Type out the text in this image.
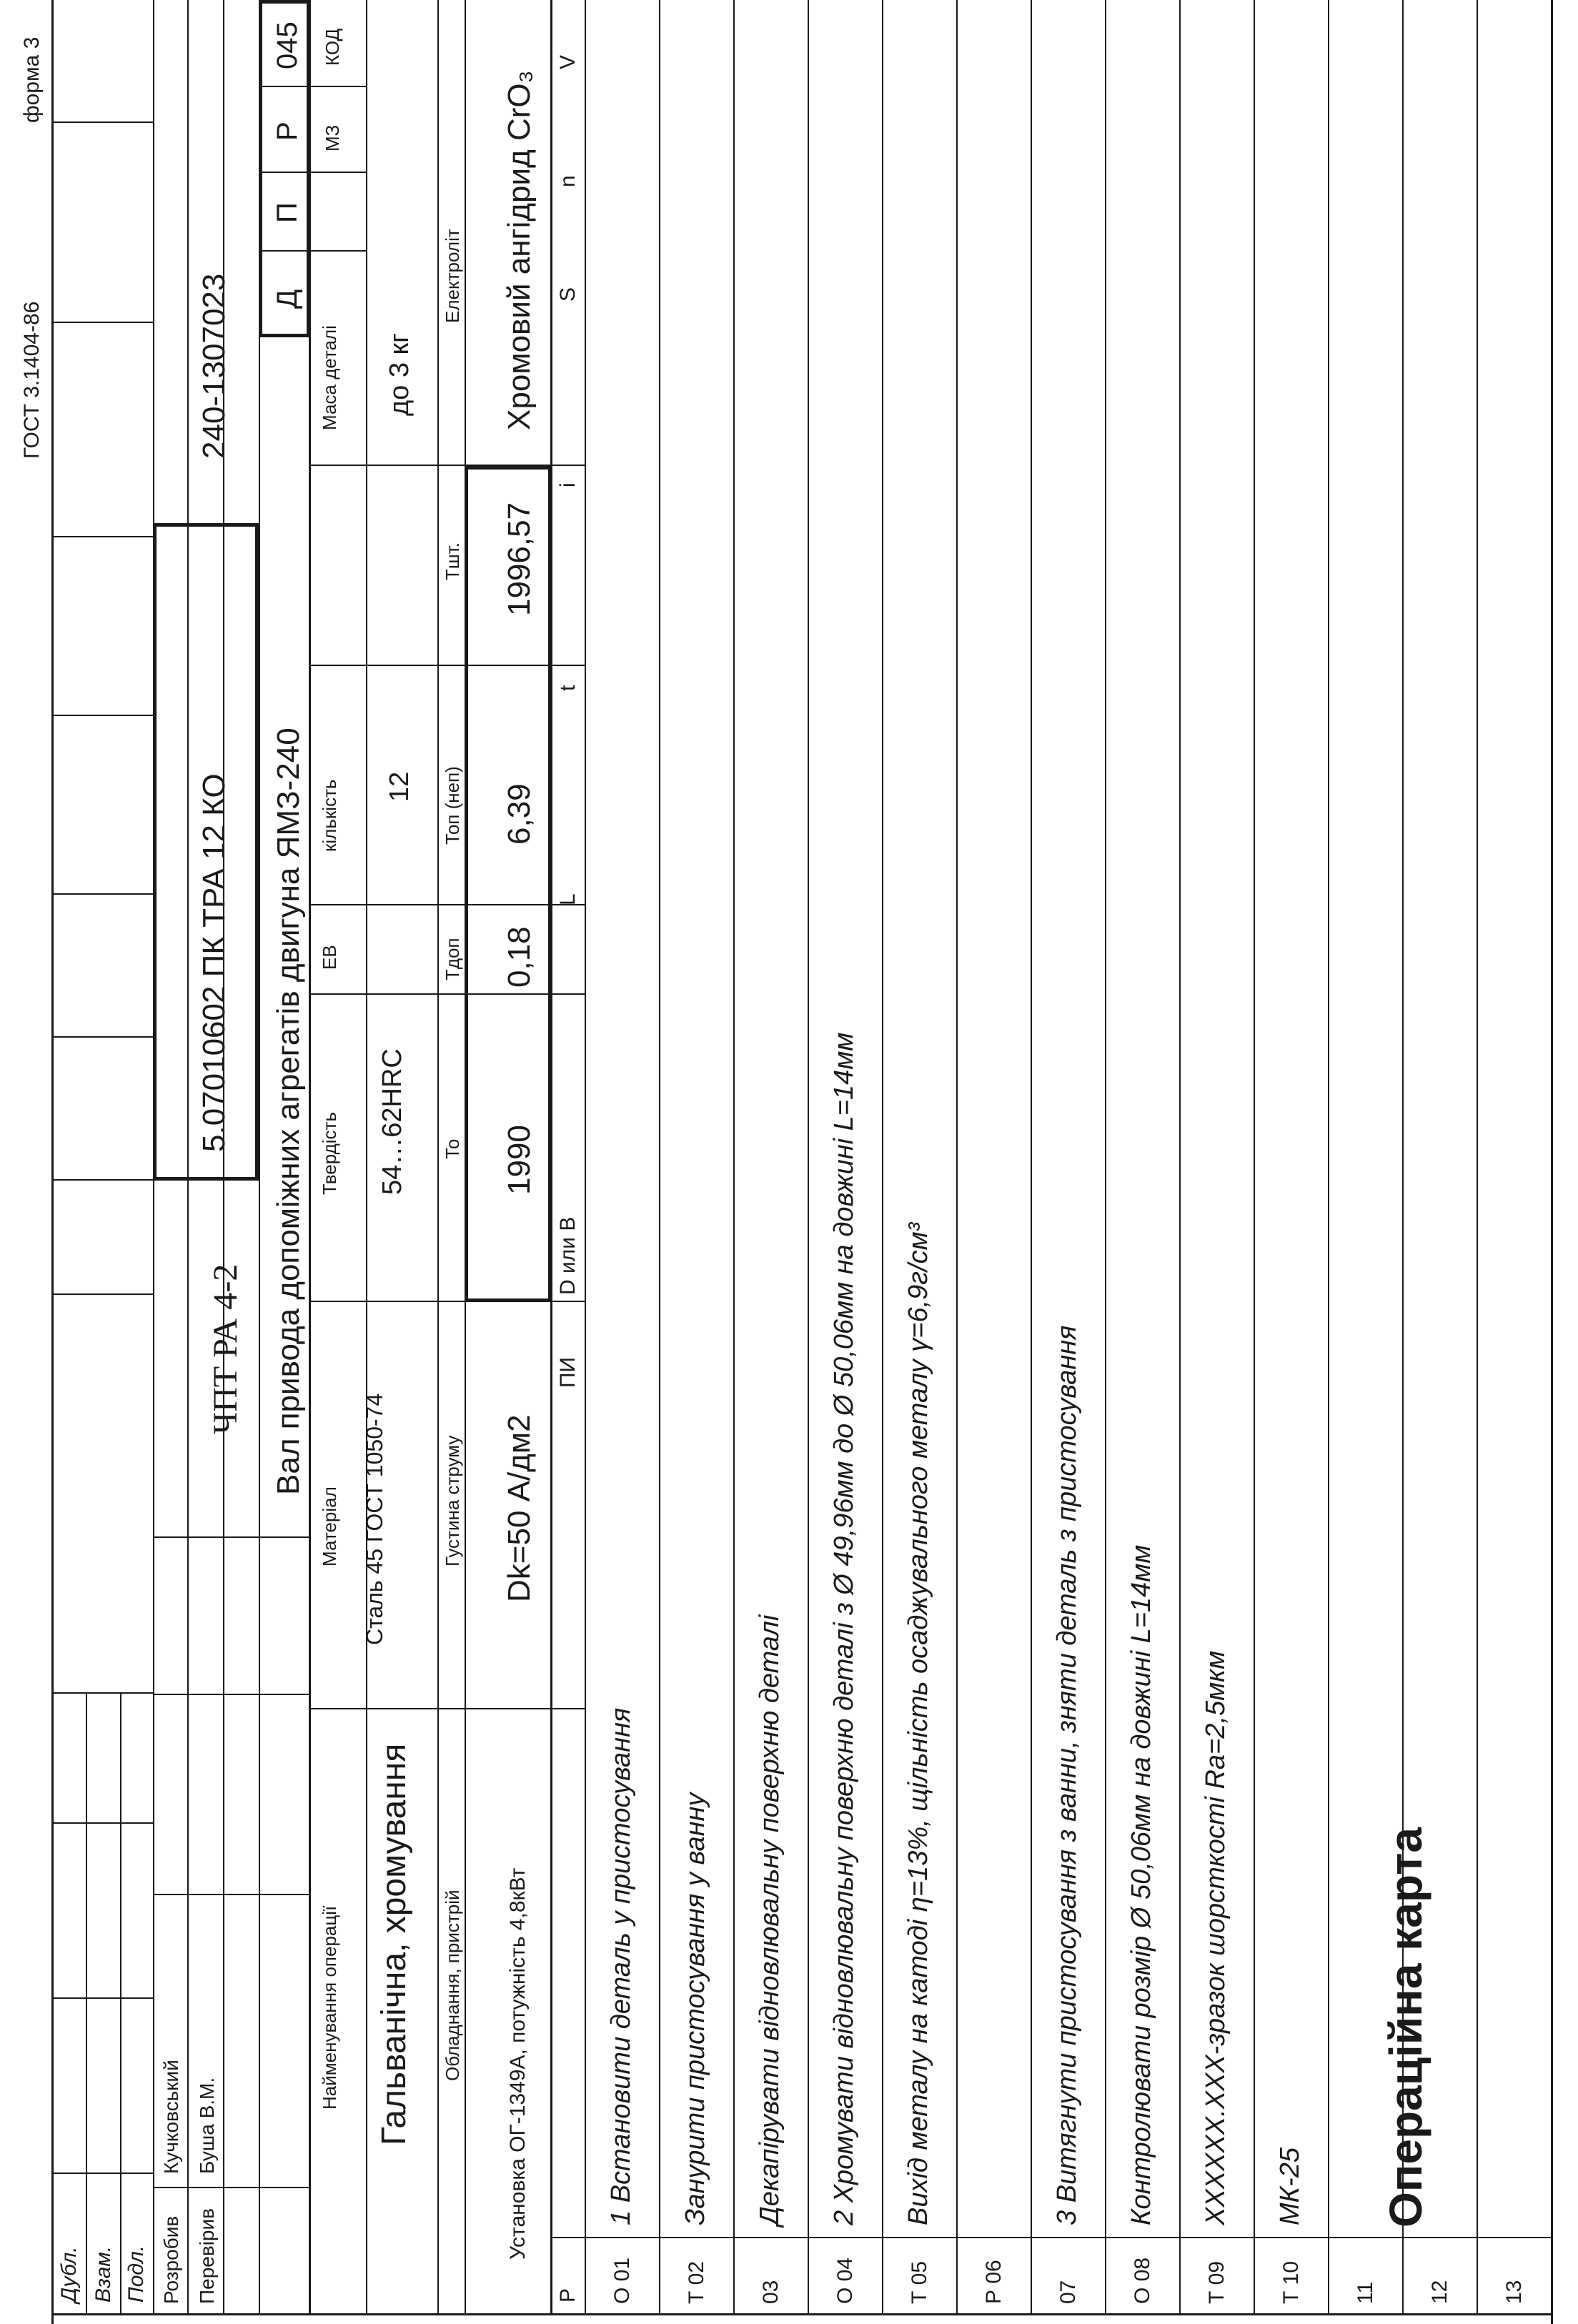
ГОСТ 3.1404-86
форма 3
Дубл. Взам. Подл. Розробив
Кучковський
Перевірив
Буша В.М.
ЧПТ РА 4-2
5.07010602 ПК ТРА 12 КО
240-1307023
Вал привода допоміжних агрегатів двигуна ЯМЗ-240
Д
П
Р
045
МЗ
КОД
Найменування операції Гальванічна, хромування
Матеріал Сталь 45 ГОСТ 1050-74
Твердість 54…62HRC
ЕВ
кількість 12
Маса деталі до 3 кг
Обладнання, пристрій
Густина струму
То
Тдоп
Топ (неп)
Тшт.
Електроліт
Установка ОГ-1349А, потужність 4,8кВт
Dk=50 А/дм2
1990
0,18
6,39
1996,57
Хромовий ангідрид CrO₃
Р
ПИ
D или В
L
t
i
S
n
V
О 01
1 Встановити деталь у пристосування
Т 02
Занурити пристосування у ванну
03
Декапірувати відновлювальну поверхню деталі
О 04
2 Хромувати відновлювальну поверхню деталі з Ø 49,96мм до Ø 50,06мм на довжині L=14мм
Т 05
Вихід металу на катоді η=13%, щільність осаджувального металу γ=6,9г/см³
Р 06 07
3 Витягнути пристосування з ванни, зняти деталь з пристосування
О 08
Контролювати розмір Ø 50,06мм на довжині L=14мм
Т 09
XXXXXX.XXX-зразок шорсткості Ra=2,5мкм
Т 10
МК-25
11 12 13
Операційна карта
